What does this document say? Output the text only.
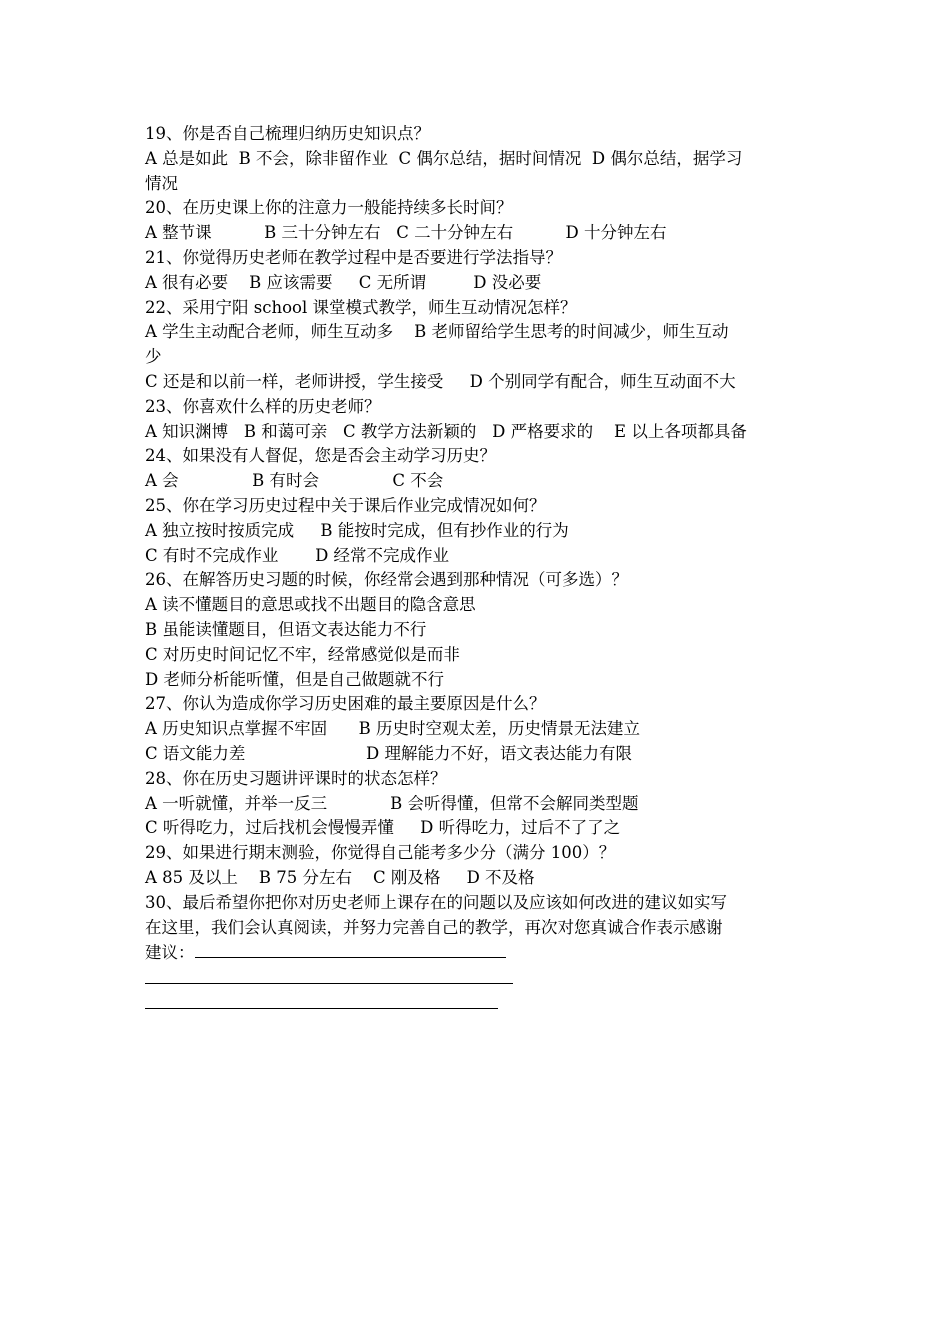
19、你是否自己梳理归纳历史知识点？
A 总是如此  B 不会，除非留作业  C 偶尔总结，据时间情况  D 偶尔总结，据学习
情况
20、在历史课上你的注意力一般能持续多长时间？
A 整节课          B 三十分钟左右   C 二十分钟左右          D 十分钟左右
21、你觉得历史老师在教学过程中是否要进行学法指导？
A 很有必要    B 应该需要     C 无所谓         D 没必要
22、采用宁阳 school 课堂模式教学，师生互动情况怎样？
A 学生主动配合老师，师生互动多    B 老师留给学生思考的时间减少，师生互动
少
C 还是和以前一样，老师讲授，学生接受     D 个别同学有配合，师生互动面不大
23、你喜欢什么样的历史老师？
A 知识渊博   B 和蔼可亲   C 教学方法新颖的   D 严格要求的    E 以上各项都具备
24、如果没有人督促，您是否会主动学习历史？
A 会              B 有时会              C 不会
25、你在学习历史过程中关于课后作业完成情况如何？
A 独立按时按质完成     B 能按时完成，但有抄作业的行为
C 有时不完成作业       D 经常不完成作业
26、在解答历史习题的时候，你经常会遇到那种情况（可多选）？
A 读不懂题目的意思或找不出题目的隐含意思
B 虽能读懂题目，但语文表达能力不行
C 对历史时间记忆不牢，经常感觉似是而非
D 老师分析能听懂，但是自己做题就不行
27、你认为造成你学习历史困难的最主要原因是什么？
A 历史知识点掌握不牢固      B 历史时空观太差，历史情景无法建立
C 语文能力差                       D 理解能力不好，语文表达能力有限
28、你在历史习题讲评课时的状态怎样？
A 一听就懂，并举一反三            B 会听得懂，但常不会解同类型题
C 听得吃力，过后找机会慢慢弄懂     D 听得吃力，过后不了了之
29、如果进行期末测验，你觉得自己能考多少分（满分 100）？
A 85 及以上    B 75 分左右    C 刚及格     D 不及格
30、最后希望你把你对历史老师上课存在的问题以及应该如何改进的建议如实写
在这里，我们会认真阅读，并努力完善自己的教学，再次对您真诚合作表示感谢
建议：
